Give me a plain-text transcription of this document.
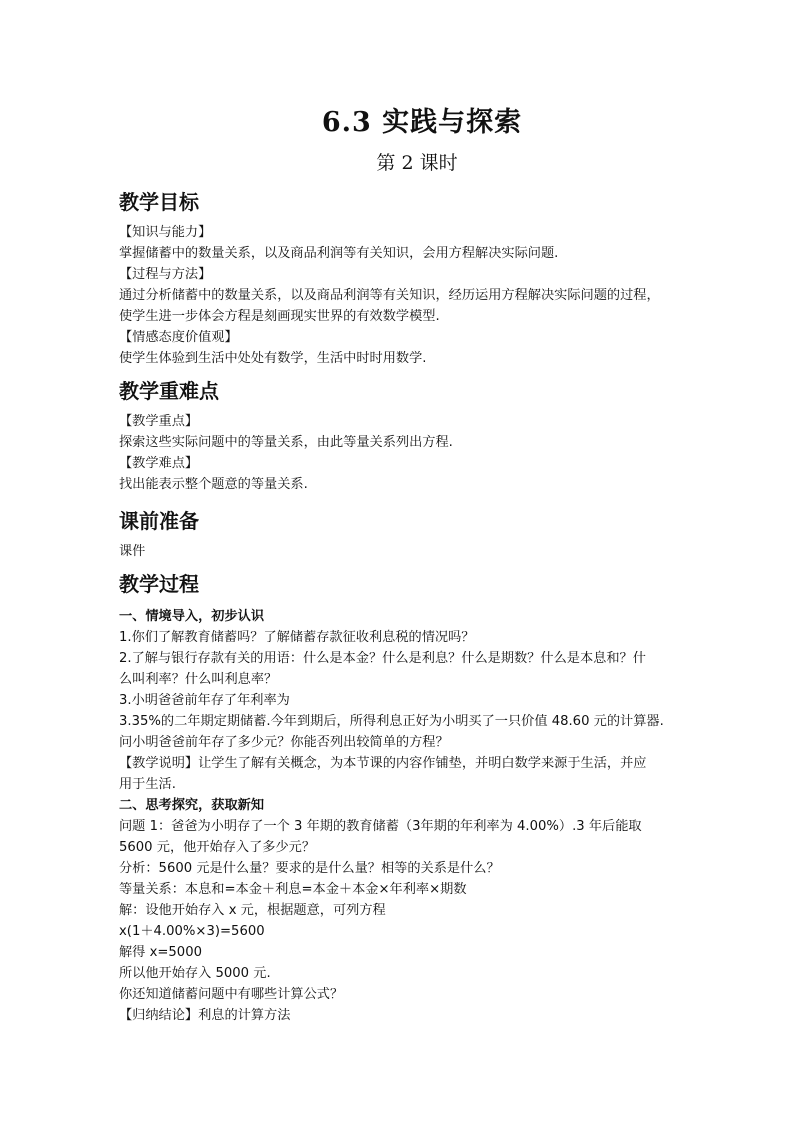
6.3 实践与探索
第 2 课时
教学目标

【知识与能力】

掌握储蓄中的数量关系，以及商品利润等有关知识，会用方程解决实际问题.

【过程与方法】

通过分析储蓄中的数量关系，以及商品利润等有关知识，经历运用方程解决实际问题的过程，

使学生进一步体会方程是刻画现实世界的有效数学模型.

【情感态度价值观】

使学生体验到生活中处处有数学，生活中时时用数学.

教学重难点

【教学重点】

探索这些实际问题中的等量关系，由此等量关系列出方程.

【教学难点】

找出能表示整个题意的等量关系.

课前准备

课件

教学过程

一、情境导入，初步认识

1.你们了解教育储蓄吗？了解储蓄存款征收利息税的情况吗？

2.了解与银行存款有关的用语：什么是本金？什么是利息？什么是期数？什么是本息和？什

么叫利率？什么叫利息率？

3.小明爸爸前年存了年利率为

3.35%的二年期定期储蓄.今年到期后，所得利息正好为小明买了一只价值 48.60 元的计算器.

问小明爸爸前年存了多少元？你能否列出较简单的方程？

【教学说明】让学生了解有关概念，为本节课的内容作铺垫，并明白数学来源于生活，并应

用于生活.

二、思考探究，获取新知

问题 1：爸爸为小明存了一个 3 年期的教育储蓄（3年期的年利率为 4.00%）.3 年后能取

5600 元，他开始存入了多少元？

分析：5600 元是什么量？要求的是什么量？相等的关系是什么？

等量关系：本息和=本金＋利息=本金＋本金×年利率×期数

解：设他开始存入 x 元，根据题意，可列方程

x(1＋4.00%×3)=5600

解得 x=5000

所以他开始存入 5000 元.

你还知道储蓄问题中有哪些计算公式？

【归纳结论】利息的计算方法
